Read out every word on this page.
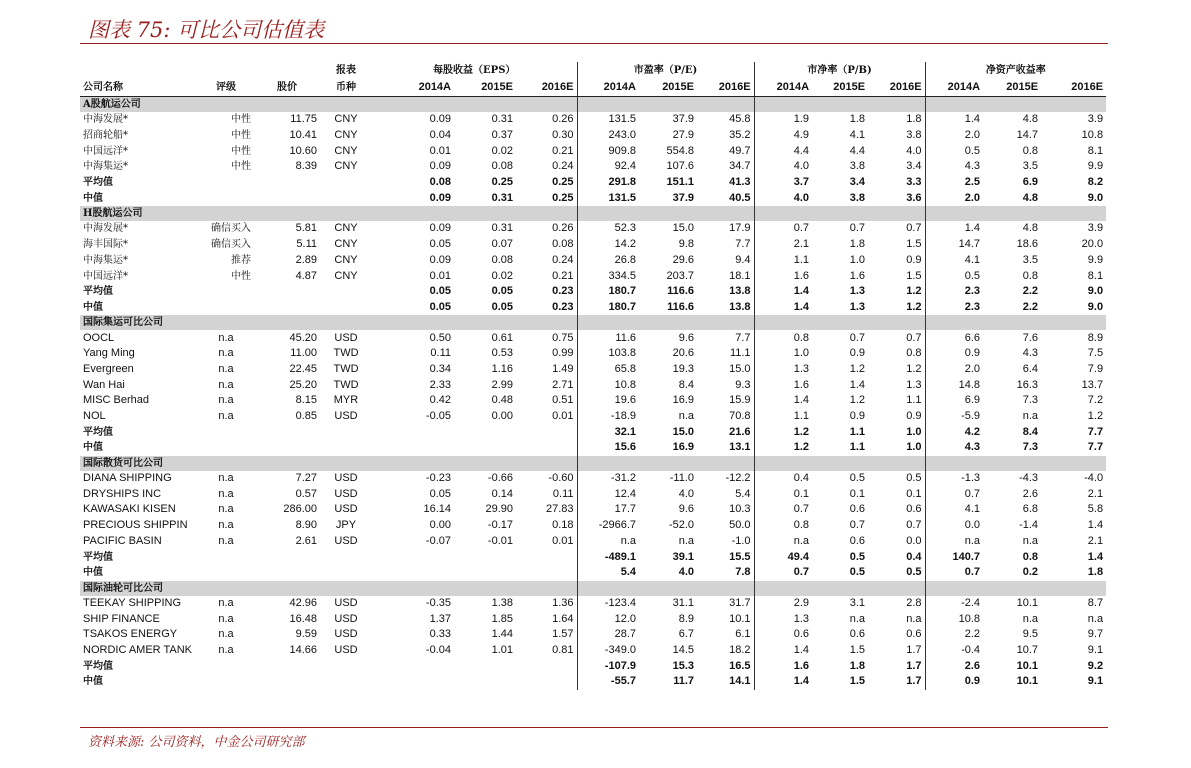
图表 75: 可比公司估值表
			报表	每股收益（EPS）			市盈率（P/E)			市净率（P/B)			净资产收益率		
公司名称	评级	股价	币种	2014A	2015E	2016E	2014A	2015E	2016E	2014A	2015E	2016E	2014A	2015E	2016E
A股航运公司															
中海发展*	中性	11.75	CNY	0.09	0.31	0.26	131.5	37.9	45.8	1.9	1.8	1.8	1.4	4.8	3.9
招商轮船*	中性	10.41	CNY	0.04	0.37	0.30	243.0	27.9	35.2	4.9	4.1	3.8	2.0	14.7	10.8
中国远洋*	中性	10.60	CNY	0.01	0.02	0.21	909.8	554.8	49.7	4.4	4.4	4.0	0.5	0.8	8.1
中海集运*	中性	8.39	CNY	0.09	0.08	0.24	92.4	107.6	34.7	4.0	3.8	3.4	4.3	3.5	9.9
平均值				0.08	0.25	0.25	291.8	151.1	41.3	3.7	3.4	3.3	2.5	6.9	8.2
中值				0.09	0.31	0.25	131.5	37.9	40.5	4.0	3.8	3.6	2.0	4.8	9.0
H股航运公司															
中海发展*	确信买入	5.81	CNY	0.09	0.31	0.26	52.3	15.0	17.9	0.7	0.7	0.7	1.4	4.8	3.9
海丰国际*	确信买入	5.11	CNY	0.05	0.07	0.08	14.2	9.8	7.7	2.1	1.8	1.5	14.7	18.6	20.0
中海集运*	推荐	2.89	CNY	0.09	0.08	0.24	26.8	29.6	9.4	1.1	1.0	0.9	4.1	3.5	9.9
中国远洋*	中性	4.87	CNY	0.01	0.02	0.21	334.5	203.7	18.1	1.6	1.6	1.5	0.5	0.8	8.1
平均值				0.05	0.05	0.23	180.7	116.6	13.8	1.4	1.3	1.2	2.3	2.2	9.0
中值				0.05	0.05	0.23	180.7	116.6	13.8	1.4	1.3	1.2	2.3	2.2	9.0
国际集运可比公司															
OOCL	n.a	45.20	USD	0.50	0.61	0.75	11.6	9.6	7.7	0.8	0.7	0.7	6.6	7.6	8.9
Yang Ming	n.a	11.00	TWD	0.11	0.53	0.99	103.8	20.6	11.1	1.0	0.9	0.8	0.9	4.3	7.5
Evergreen	n.a	22.45	TWD	0.34	1.16	1.49	65.8	19.3	15.0	1.3	1.2	1.2	2.0	6.4	7.9
Wan Hai	n.a	25.20	TWD	2.33	2.99	2.71	10.8	8.4	9.3	1.6	1.4	1.3	14.8	16.3	13.7
MISC Berhad	n.a	8.15	MYR	0.42	0.48	0.51	19.6	16.9	15.9	1.4	1.2	1.1	6.9	7.3	7.2
NOL	n.a	0.85	USD	-0.05	0.00	0.01	-18.9	n.a	70.8	1.1	0.9	0.9	-5.9	n.a	1.2
平均值							32.1	15.0	21.6	1.2	1.1	1.0	4.2	8.4	7.7
中值							15.6	16.9	13.1	1.2	1.1	1.0	4.3	7.3	7.7
国际散货可比公司															
DIANA SHIPPING	n.a	7.27	USD	-0.23	-0.66	-0.60	-31.2	-11.0	-12.2	0.4	0.5	0.5	-1.3	-4.3	-4.0
DRYSHIPS INC	n.a	0.57	USD	0.05	0.14	0.11	12.4	4.0	5.4	0.1	0.1	0.1	0.7	2.6	2.1
KAWASAKI KISEN	n.a	286.00	USD	16.14	29.90	27.83	17.7	9.6	10.3	0.7	0.6	0.6	4.1	6.8	5.8
PRECIOUS SHIPPIN	n.a	8.90	JPY	0.00	-0.17	0.18	-2966.7	-52.0	50.0	0.8	0.7	0.7	0.0	-1.4	1.4
PACIFIC BASIN	n.a	2.61	USD	-0.07	-0.01	0.01	n.a	n.a	-1.0	n.a	0.6	0.0	n.a	n.a	2.1
平均值							-489.1	39.1	15.5	49.4	0.5	0.4	140.7	0.8	1.4
中值							5.4	4.0	7.8	0.7	0.5	0.5	0.7	0.2	1.8
国际油轮可比公司															
TEEKAY SHIPPING	n.a	42.96	USD	-0.35	1.38	1.36	-123.4	31.1	31.7	2.9	3.1	2.8	-2.4	10.1	8.7
SHIP FINANCE	n.a	16.48	USD	1.37	1.85	1.64	12.0	8.9	10.1	1.3	n.a	n.a	10.8	n.a	n.a
TSAKOS ENERGY	n.a	9.59	USD	0.33	1.44	1.57	28.7	6.7	6.1	0.6	0.6	0.6	2.2	9.5	9.7
NORDIC AMER TANK	n.a	14.66	USD	-0.04	1.01	0.81	-349.0	14.5	18.2	1.4	1.5	1.7	-0.4	10.7	9.1
平均值							-107.9	15.3	16.5	1.6	1.8	1.7	2.6	10.1	9.2
中值							-55.7	11.7	14.1	1.4	1.5	1.7	0.9	10.1	9.1
资料来源: 公司资料，中金公司研究部
